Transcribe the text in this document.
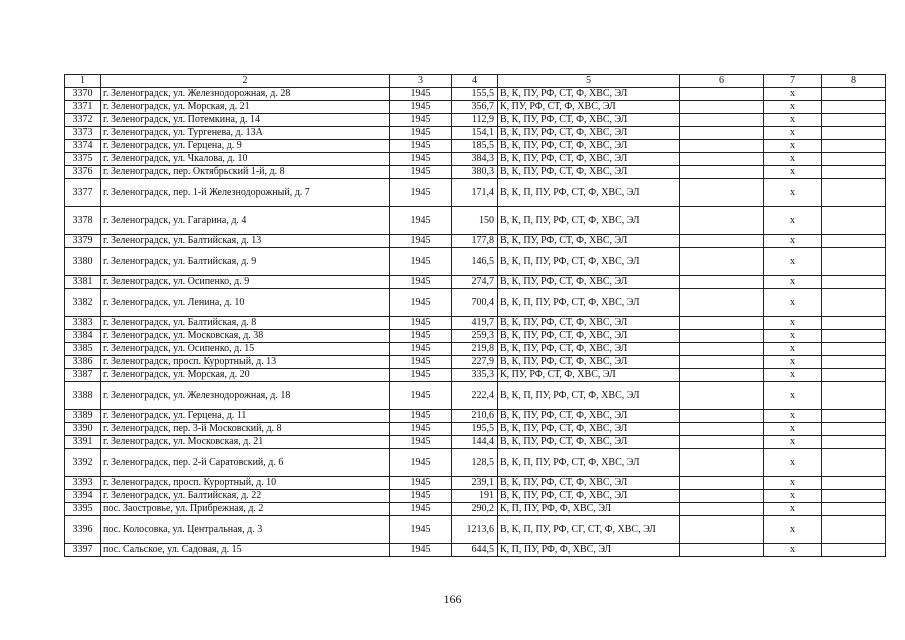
1	2	3	4	5	6	7	8
3370	г. Зеленоградск, ул. Железнодорожная, д. 28	1945	155,5	В, К, ПУ, РФ, СТ, Ф, ХВС, ЭЛ		x	
3371	г. Зеленоградск, ул. Морская, д. 21	1945	356,7	К, ПУ, РФ, СТ, Ф, ХВС, ЭЛ		x	
3372	г. Зеленоградск, ул. Потемкина, д. 14	1945	112,9	В, К, ПУ, РФ, СТ, Ф, ХВС, ЭЛ		x	
3373	г. Зеленоградск, ул. Тургенева, д. 13А	1945	154,1	В, К, ПУ, РФ, СТ, Ф, ХВС, ЭЛ		x	
3374	г. Зеленоградск, ул. Герцена, д. 9	1945	185,5	В, К, ПУ, РФ, СТ, Ф, ХВС, ЭЛ		x	
3375	г. Зеленоградск, ул. Чкалова, д. 10	1945	384,3	В, К, ПУ, РФ, СТ, Ф, ХВС, ЭЛ		x	
3376	г. Зеленоградск, пер. Октябрьский 1-й, д. 8	1945	380,3	В, К, ПУ, РФ, СТ, Ф, ХВС, ЭЛ		x	
3377	г. Зеленоградск, пер. 1-й Железнодорожный, д. 7	1945	171,4	В, К, П, ПУ, РФ, СТ, Ф, ХВС, ЭЛ		x	
3378	г. Зеленоградск, ул. Гагарина, д. 4	1945	150	В, К, П, ПУ, РФ, СТ, Ф, ХВС, ЭЛ		x	
3379	г. Зеленоградск, ул. Балтийская, д. 13	1945	177,8	В, К, ПУ, РФ, СТ, Ф, ХВС, ЭЛ		x	
3380	г. Зеленоградск, ул. Балтийская, д. 9	1945	146,5	В, К, П, ПУ, РФ, СТ, Ф, ХВС, ЭЛ		x	
3381	г. Зеленоградск, ул. Осипенко, д. 9	1945	274,7	В, К, ПУ, РФ, СТ, Ф, ХВС, ЭЛ		x	
3382	г. Зеленоградск, ул. Ленина, д. 10	1945	700,4	В, К, П, ПУ, РФ, СТ, Ф, ХВС, ЭЛ		x	
3383	г. Зеленоградск, ул. Балтийская, д. 8	1945	419,7	В, К, ПУ, РФ, СТ, Ф, ХВС, ЭЛ		x	
3384	г. Зеленоградск, ул. Московская, д. 38	1945	259,3	В, К, ПУ, РФ, СТ, Ф, ХВС, ЭЛ		x	
3385	г. Зеленоградск, ул. Осипенко, д. 15	1945	219,8	В, К, ПУ, РФ, СТ, Ф, ХВС, ЭЛ		x	
3386	г. Зеленоградск, просп. Курортный, д. 13	1945	227,9	В, К, ПУ, РФ, СТ, Ф, ХВС, ЭЛ		x	
3387	г. Зеленоградск, ул. Морская, д. 20	1945	335,3	К, ПУ, РФ, СТ, Ф, ХВС, ЭЛ		x	
3388	г. Зеленоградск, ул. Железнодорожная, д. 18	1945	222,4	В, К, П, ПУ, РФ, СТ, Ф, ХВС, ЭЛ		x	
3389	г. Зеленоградск, ул. Герцена, д. 11	1945	210,6	В, К, ПУ, РФ, СТ, Ф, ХВС, ЭЛ		x	
3390	г. Зеленоградск, пер. 3-й Московский, д. 8	1945	195,5	В, К, ПУ, РФ, СТ, Ф, ХВС, ЭЛ		x	
3391	г. Зеленоградск, ул. Московская, д. 21	1945	144,4	В, К, ПУ, РФ, СТ, Ф, ХВС, ЭЛ		x	
3392	г. Зеленоградск, пер. 2-й Саратовский, д. 6	1945	128,5	В, К, П, ПУ, РФ, СТ, Ф, ХВС, ЭЛ		x	
3393	г. Зеленоградск, просп. Курортный, д. 10	1945	239,1	В, К, ПУ, РФ, СТ, Ф, ХВС, ЭЛ		x	
3394	г. Зеленоградск, ул. Балтийская, д. 22	1945	191	В, К, ПУ, РФ, СТ, Ф, ХВС, ЭЛ		x	
3395	пос. Заостровье, ул. Прибрежная, д. 2	1945	290,2	К, П, ПУ, РФ, Ф, ХВС, ЭЛ		x	
3396	пос. Колосовка, ул. Центральная, д. 3	1945	1213,6	В, К, П, ПУ, РФ, СГ, СТ, Ф, ХВС, ЭЛ		x	
3397	пос. Сальское, ул. Садовая, д. 15	1945	644,5	К, П, ПУ, РФ, Ф, ХВС, ЭЛ		x	
166
